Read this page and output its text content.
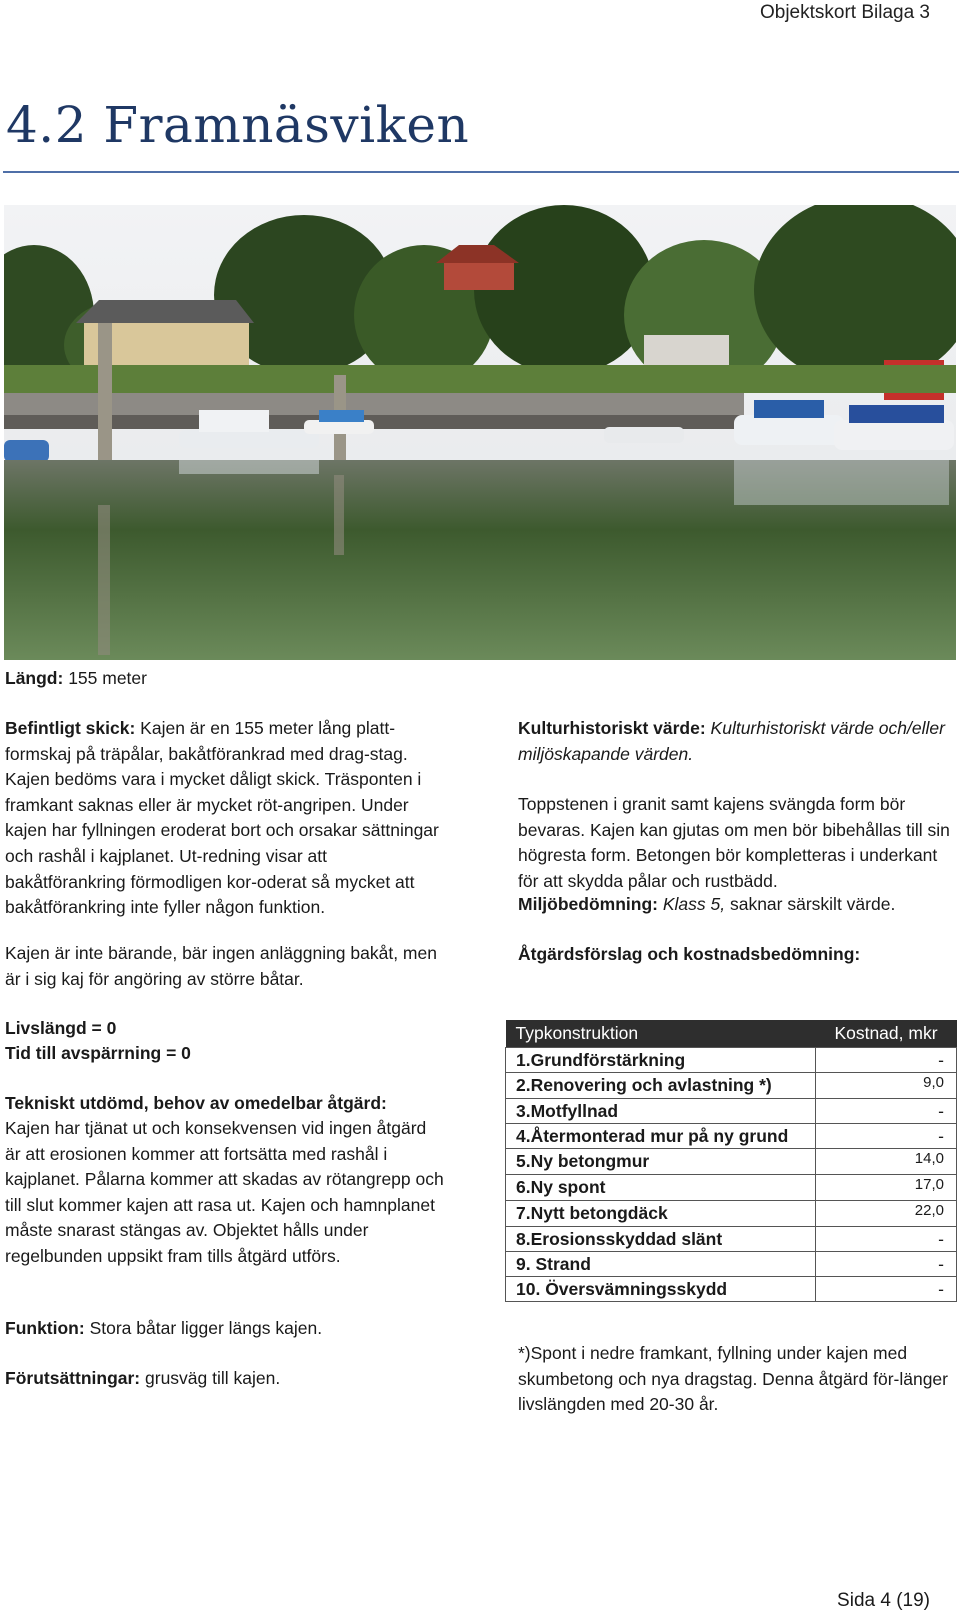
Objektskort Bilaga 3
4.2 Framnäsviken

Längd: 155 meter

Befintligt skick: Kajen är en 155 meter lång platt-formskaj på träpålar, bakåtförankrad med drag-stag. Kajen bedöms vara i mycket dåligt skick. Träsponten i framkant saknas eller är mycket röt-angripen. Under kajen har fyllningen eroderat bort och orsakar sättningar och rashål i kajplanet. Ut-redning visar att bakåtförankring förmodligen kor-oderat så mycket att bakåtförankring inte fyller någon funktion.

Kajen är inte bärande, bär ingen anläggning bakåt, men är i sig kaj för angöring av större båtar.

Livslängd = 0

Tid till avspärrning = 0

Tekniskt utdömd, behov av omedelbar åtgärd:

Kajen har tjänat ut och konsekvensen vid ingen åtgärd är att erosionen kommer att fortsätta med rashål i kajplanet. Pålarna kommer att skadas av rötangrepp och till slut kommer kajen att rasa ut. Kajen och hamnplanet måste snarast stängas av. Objektet hålls under regelbunden uppsikt fram tills åtgärd utförs.

Funktion: Stora båtar ligger längs kajen.

Förutsättningar: grusväg till kajen.

Kulturhistoriskt värde: Kulturhistoriskt värde och/eller miljöskapande värden.

Toppstenen i granit samt kajens svängda form bör bevaras. Kajen kan gjutas om men bör bibehållas till sin högresta form. Betongen bör kompletteras i underkant för att skydda pålar och rustbädd.

Miljöbedömning: Klass 5, saknar särskilt värde.

Åtgärdsförslag och kostnadsbedömning:

Typkonstruktion	Kostnad, mkr
1.Grundförstärkning	-
2.Renovering och avlastning *)	9,0
3.Motfyllnad	-
4.Återmonterad mur på ny grund	-
5.Ny betongmur	14,0
6.Ny spont	17,0
7.Nytt betongdäck	22,0
8.Erosionsskyddad slänt	-
9. Strand	-
10. Översvämningsskydd	-

*)Spont i nedre framkant, fyllning under kajen med skumbetong och nya dragstag. Denna åtgärd för-länger livslängden med 20-30 år.

Sida 4 (19)
